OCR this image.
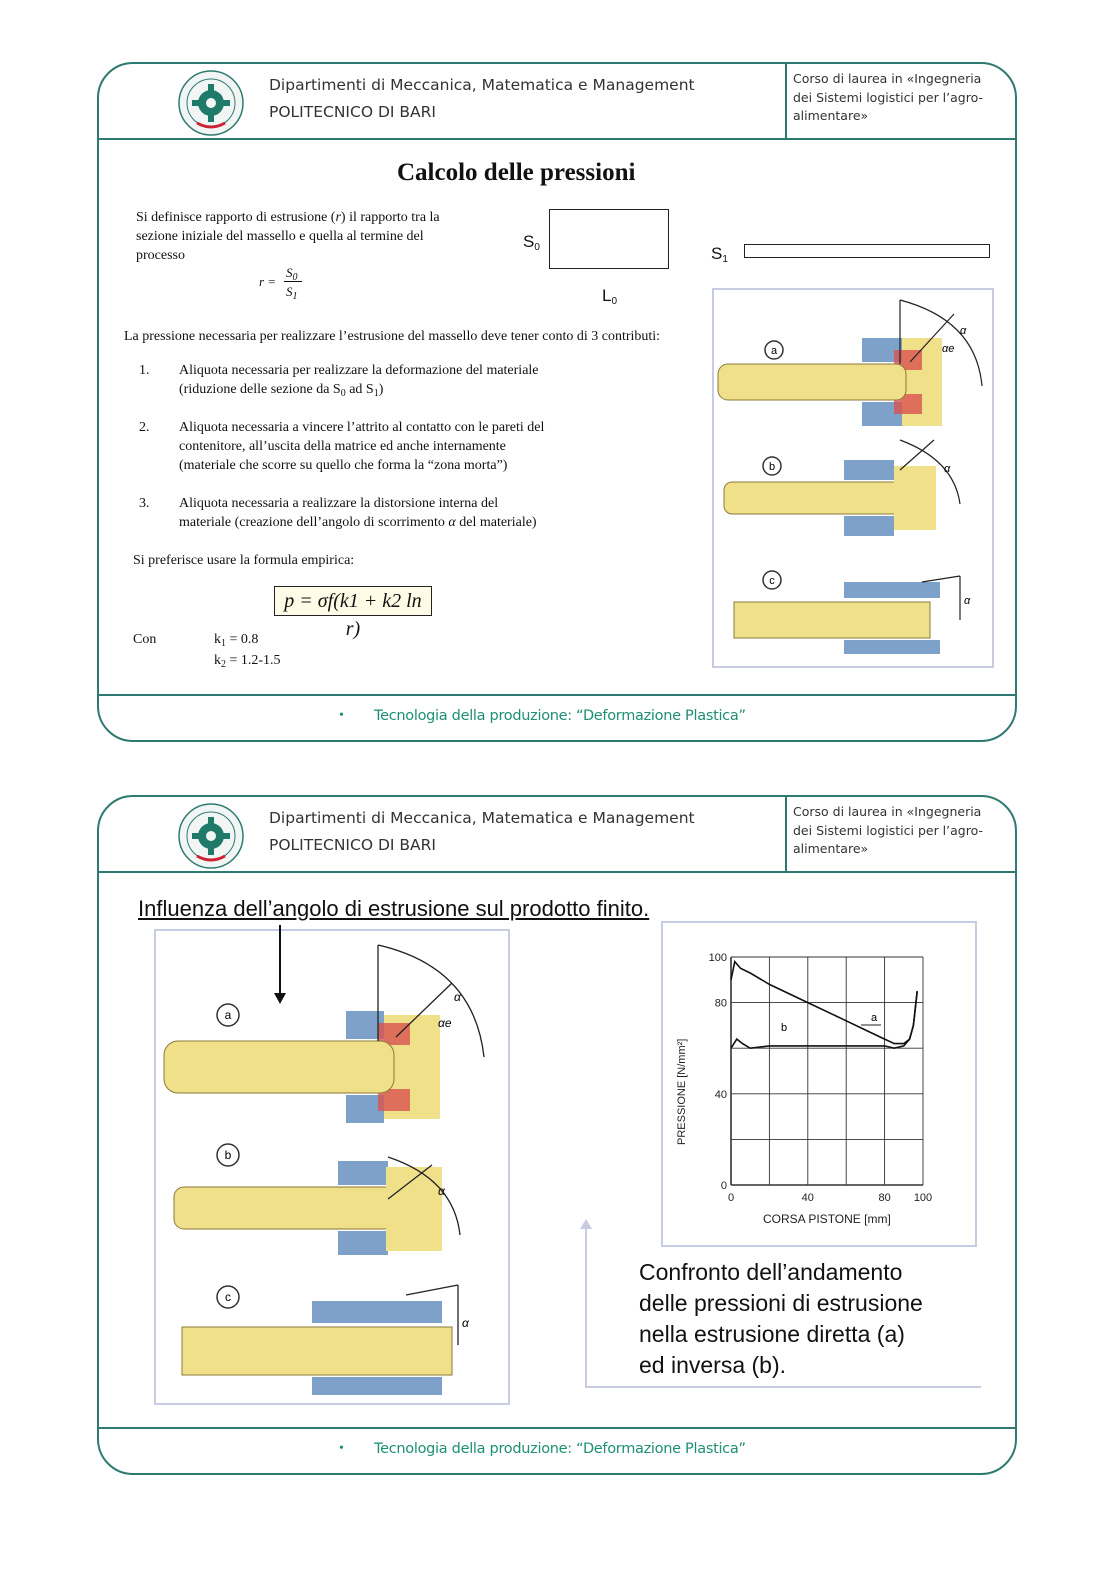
Dipartimenti di Meccanica, Matematica e Management
POLITECNICO DI BARI
Corso di laurea in «Ingegneria
dei Sistemi logistici per l’agro-
alimentare»
Calcolo delle pressioni
Si definisce rapporto di estrusione (r) il rapporto tra la
sezione iniziale del massello e quella al termine del
processo
r =
$S_0$
$S_1$
$S_0$
$L_0$
$S_1$
La pressione necessaria per realizzare l’estrusione del massello deve tener conto di 3 contributi:
1. Aliquota necessaria per realizzare la deformazione del materiale
(riduzione delle sezione da $S_0$ ad $S_1$)
2. Aliquota necessaria a vincere l’attrito al contatto con le pareti del
contenitore, all’uscita della matrice ed anche internamente
(materiale che scorre su quello che forma la “zona morta”)
3. Aliquota necessaria a realizzare la distorsione interna del
materiale (creazione dell’angolo di scorrimento α del materiale)
Si preferisce usare la formula empirica:
p = σf(k1 + k2 ln r)
Con	$k_1 = 0.8$
$k_2 = 1.2-1.5$
a
b
c
α
αe
α
α
• Tecnologia della produzione: “Deformazione Plastica”
Dipartimenti di Meccanica, Matematica e Management
POLITECNICO DI BARI
Corso di laurea in «Ingegneria
dei Sistemi logistici per l’agro-
alimentare»
Influenza dell’angolo di estrusione sul prodotto finito.
a
b
c
α
αe
α
α
PRESSIONE [N/mm²]
CORSA PISTONE [mm]
0	40	80 100
0
40
80
100
a
b
Confronto dell’andamento
delle pressioni di estrusione
nella estrusione diretta (a)
ed inversa (b).
• Tecnologia della produzione: “Deformazione Plastica”
